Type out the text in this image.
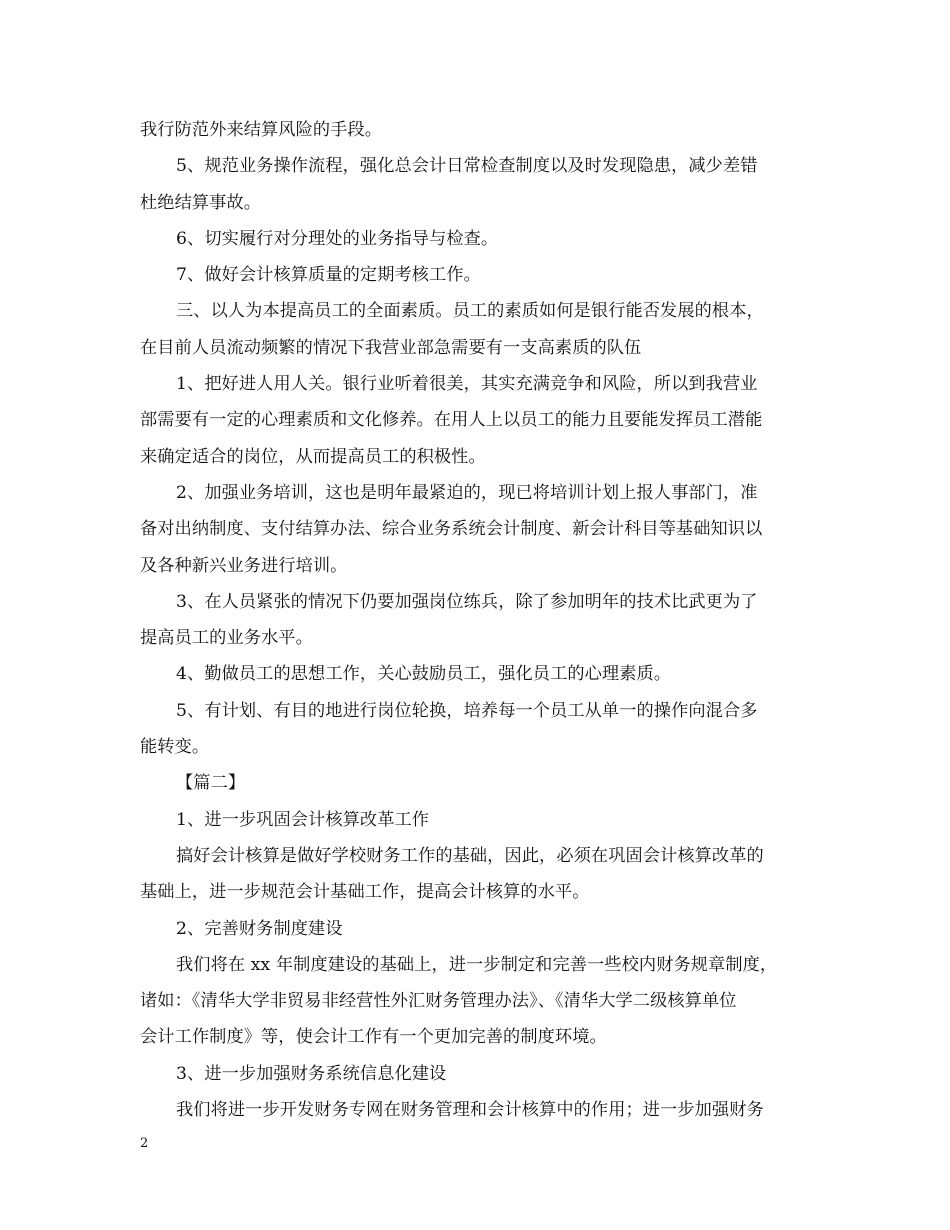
我行防范外来结算风险的手段。
5、规范业务操作流程，强化总会计日常检查制度以及时发现隐患，减少差错
杜绝结算事故。
6、切实履行对分理处的业务指导与检查。
7、做好会计核算质量的定期考核工作。
三、以人为本提高员工的全面素质。员工的素质如何是银行能否发展的根本，
在目前人员流动频繁的情况下我营业部急需要有一支高素质的队伍
1、把好进人用人关。银行业听着很美，其实充满竞争和风险，所以到我营业
部需要有一定的心理素质和文化修养。在用人上以员工的能力且要能发挥员工潜能
来确定适合的岗位，从而提高员工的积极性。
2、加强业务培训，这也是明年最紧迫的，现已将培训计划上报人事部门，准
备对出纳制度、支付结算办法、综合业务系统会计制度、新会计科目等基础知识以
及各种新兴业务进行培训。
3、在人员紧张的情况下仍要加强岗位练兵，除了参加明年的技术比武更为了
提高员工的业务水平。
4、勤做员工的思想工作，关心鼓励员工，强化员工的心理素质。
5、有计划、有目的地进行岗位轮换，培养每一个员工从单一的操作向混合多
能转变。
【篇二】
1、进一步巩固会计核算改革工作
搞好会计核算是做好学校财务工作的基础，因此，必须在巩固会计核算改革的
基础上，进一步规范会计基础工作，提高会计核算的水平。
2、完善财务制度建设
我们将在 xx 年制度建设的基础上，进一步制定和完善一些校内财务规章制度，
诸如：《清华大学非贸易非经营性外汇财务管理办法》、《清华大学二级核算单位
会计工作制度》等，使会计工作有一个更加完善的制度环境。
3、进一步加强财务系统信息化建设
我们将进一步开发财务专网在财务管理和会计核算中的作用；进一步加强财务
2
